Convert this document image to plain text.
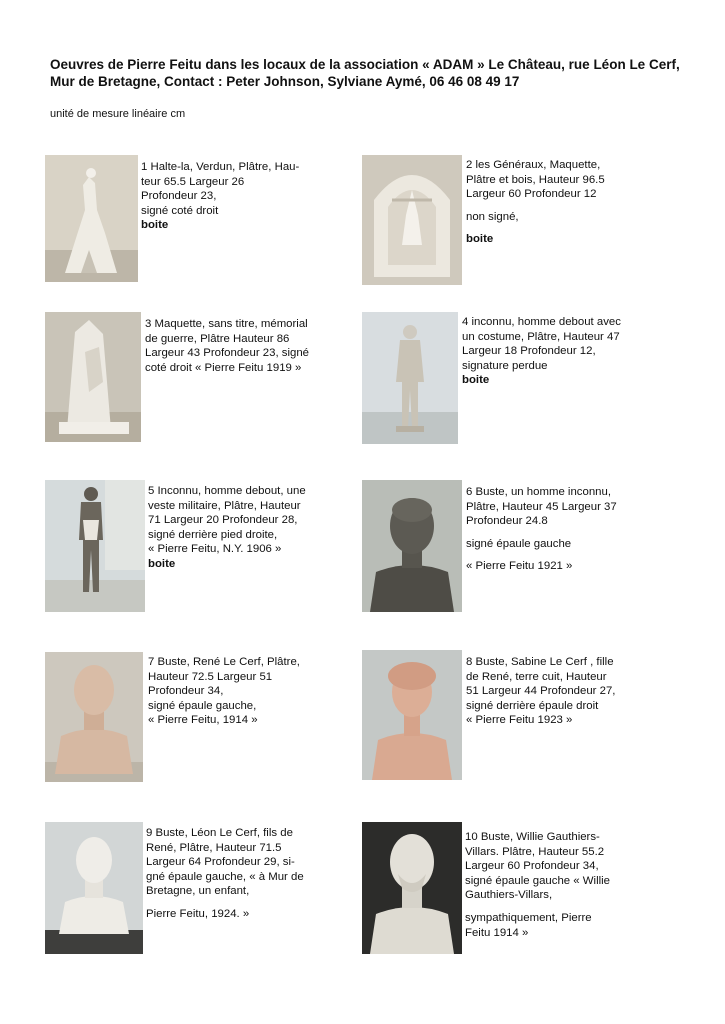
Oeuvres de Pierre Feitu dans les locaux de la association « ADAM » Le Château, rue Léon Le Cerf, Mur de Bretagne, Contact : Peter Johnson, Sylviane Aymé, 06 46 08 49 17
unité de mesure linéaire cm

1 Halte-la, Verdun, Plâtre, Hau-

teur 65.5 Largeur 26

Profondeur 23,

signé coté droit

boite

2 les Généraux, Maquette,

Plâtre et bois, Hauteur 96.5

Largeur 60 Profondeur 12

non signé,

boite

3 Maquette, sans titre, mémorial

de guerre, Plâtre Hauteur 86

Largeur 43 Profondeur 23, signé

coté droit « Pierre Feitu 1919 »

4 inconnu, homme debout avec

un costume, Plâtre, Hauteur 47

Largeur 18 Profondeur 12,

signature perdue

boite

5 Inconnu, homme debout, une

veste militaire, Plâtre, Hauteur

71 Largeur 20 Profondeur 28,

signé derrière pied droite,

« Pierre Feitu, N.Y. 1906 »

boite

6 Buste, un homme inconnu,

Plâtre, Hauteur 45 Largeur 37

Profondeur 24.8

signé épaule gauche

« Pierre Feitu 1921 »

7 Buste, René Le Cerf, Plâtre,

Hauteur 72.5 Largeur 51

Profondeur 34,

signé épaule gauche,

« Pierre Feitu, 1914 »

8 Buste, Sabine Le Cerf , fille

de René, terre cuit, Hauteur

51 Largeur 44 Profondeur 27,

signé derrière épaule droit

« Pierre Feitu 1923 »

9 Buste, Léon Le Cerf, fils de

René, Plâtre, Hauteur 71.5

Largeur 64 Profondeur 29, si-

gné épaule gauche, « à Mur de

Bretagne, un enfant,

Pierre Feitu, 1924. »

10 Buste, Willie Gauthiers-

Villars. Plâtre, Hauteur 55.2

Largeur 60 Profondeur 34,

signé épaule gauche « Willie

Gauthiers-Villars,

sympathiquement, Pierre

Feitu 1914 »
